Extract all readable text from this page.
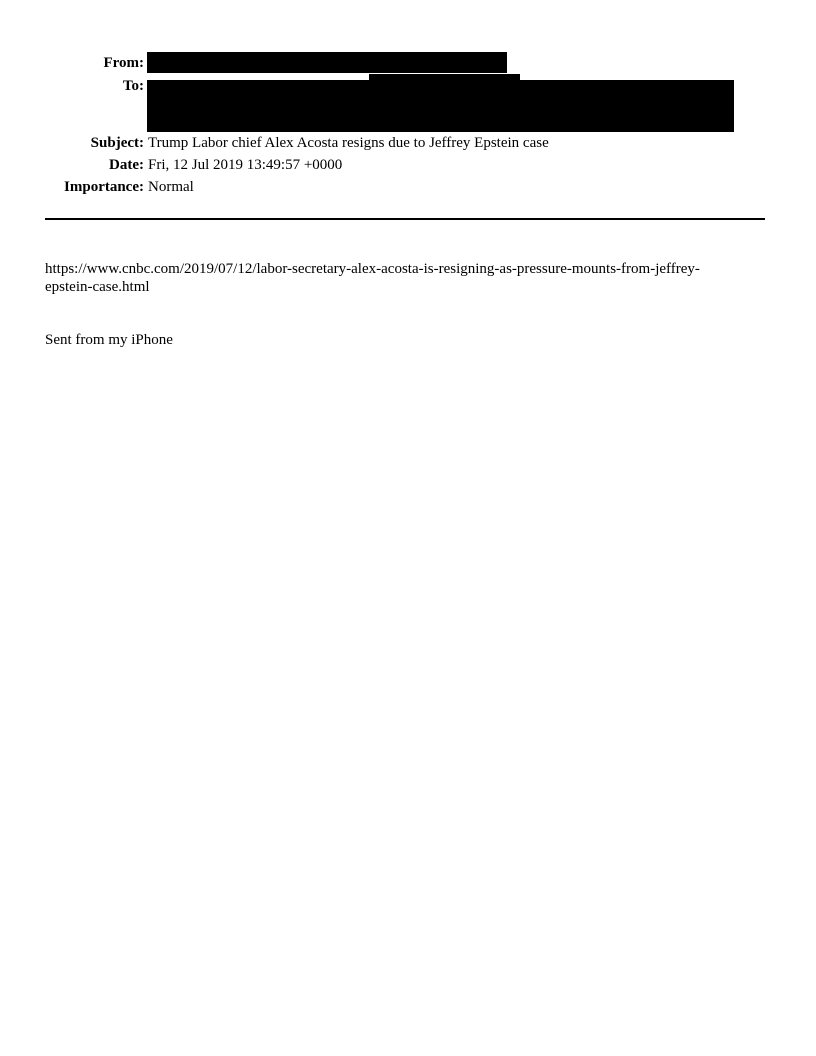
From:
To:
Subject: Trump Labor chief Alex Acosta resigns due to Jeffrey Epstein case
Date: Fri, 12 Jul 2019 13:49:57 +0000
Importance: Normal
https://www.cnbc.com/2019/07/12/labor-secretary-alex-acosta-is-resigning-as-pressure-mounts-from-jeffrey-
epstein-case.html
Sent from my iPhone
